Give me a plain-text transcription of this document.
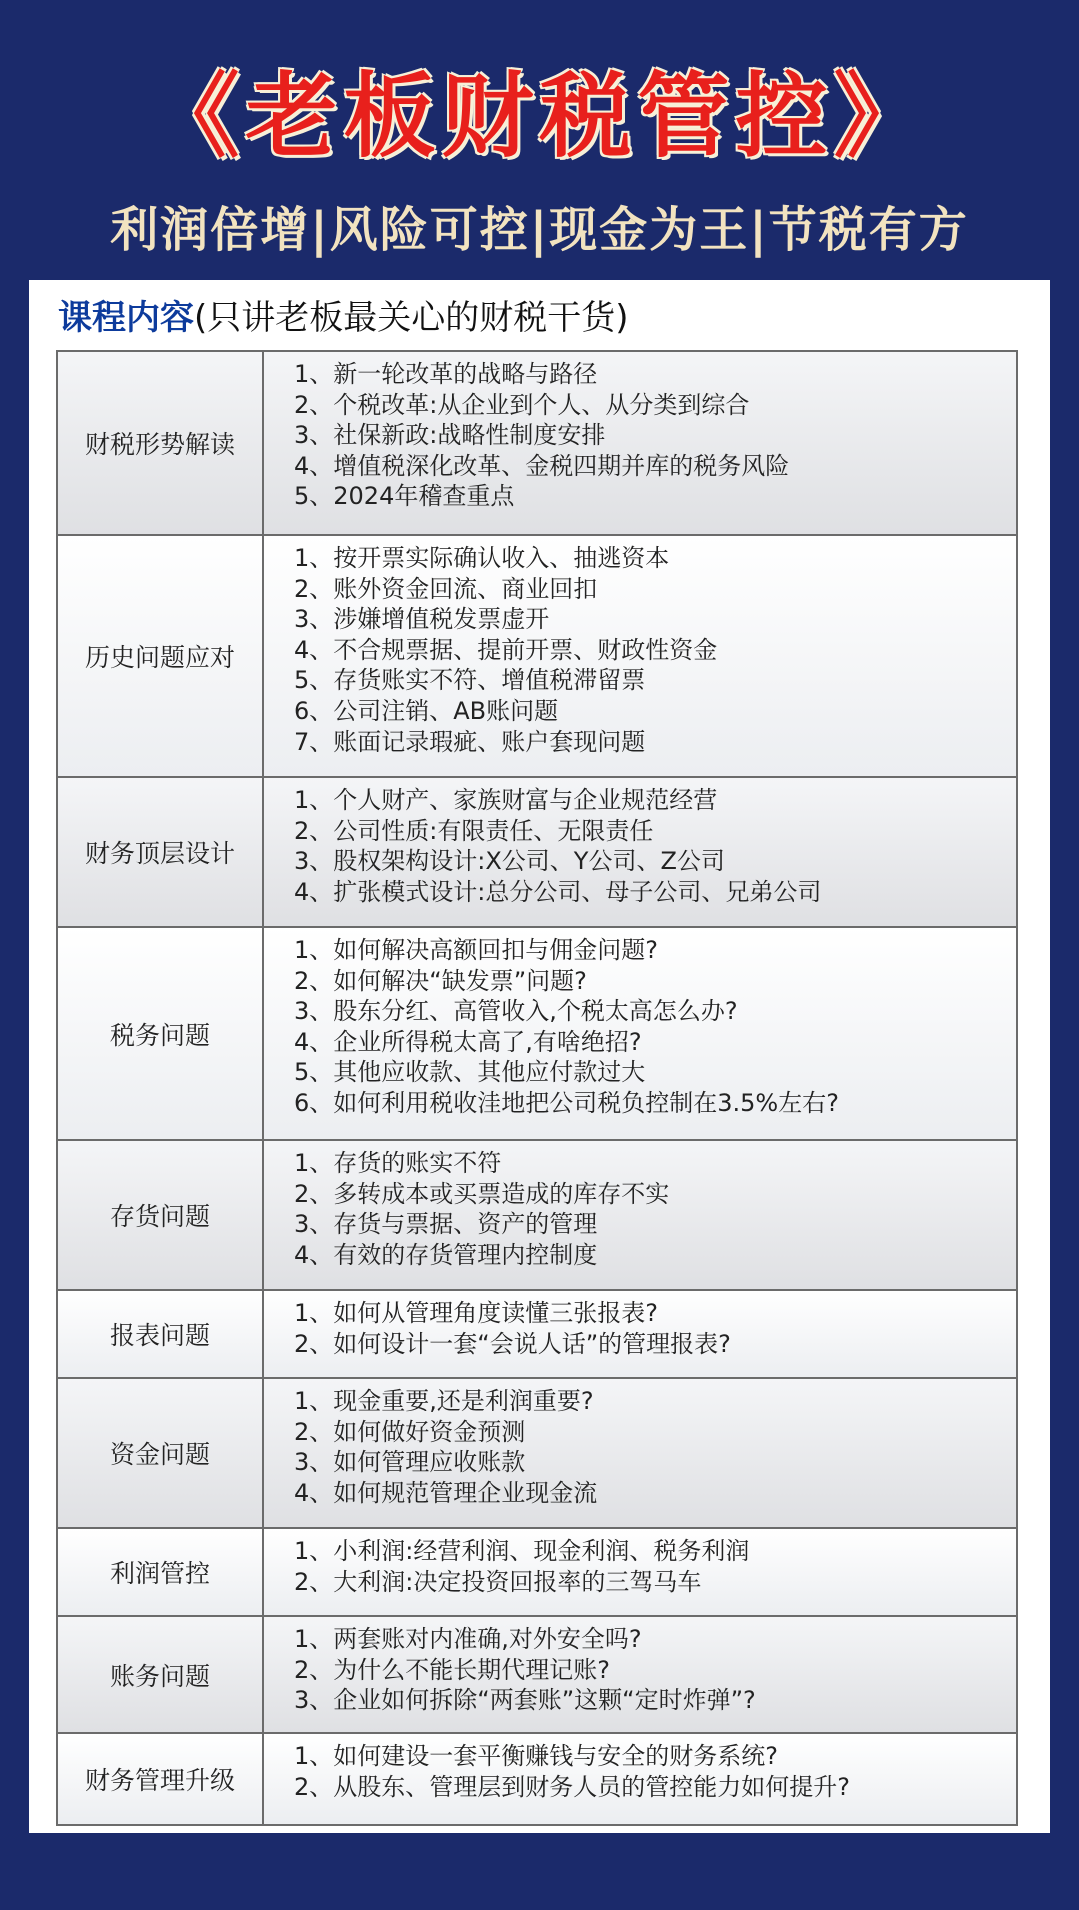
《老板财税管控》
利润倍增|风险可控|现金为王|节税有方
课程内容(只讲老板最关心的财税干货)
财税形势解读
1、新一轮改革的战略与路径
2、个税改革:从企业到个人、从分类到综合
3、社保新政:战略性制度安排
4、增值税深化改革、金税四期并库的税务风险
5、2024年稽查重点
历史问题应对
1、按开票实际确认收入、抽逃资本
2、账外资金回流、商业回扣
3、涉嫌增值税发票虚开
4、不合规票据、提前开票、财政性资金
5、存货账实不符、增值税滞留票
6、公司注销、AB账问题
7、账面记录瑕疵、账户套现问题
财务顶层设计
1、个人财产、家族财富与企业规范经营
2、公司性质:有限责任、无限责任
3、股权架构设计:X公司、Y公司、Z公司
4、扩张模式设计:总分公司、母子公司、兄弟公司
税务问题
1、如何解决高额回扣与佣金问题?
2、如何解决“缺发票”问题?
3、股东分红、高管收入,个税太高怎么办?
4、企业所得税太高了,有啥绝招?
5、其他应收款、其他应付款过大
6、如何利用税收洼地把公司税负控制在3.5%左右?
存货问题
1、存货的账实不符
2、多转成本或买票造成的库存不实
3、存货与票据、资产的管理
4、有效的存货管理内控制度
报表问题
1、如何从管理角度读懂三张报表?
2、如何设计一套“会说人话”的管理报表?
资金问题
1、现金重要,还是利润重要?
2、如何做好资金预测
3、如何管理应收账款
4、如何规范管理企业现金流
利润管控
1、小利润:经营利润、现金利润、税务利润
2、大利润:决定投资回报率的三驾马车
账务问题
1、两套账对内准确,对外安全吗?
2、为什么不能长期代理记账?
3、企业如何拆除“两套账”这颗“定时炸弹”?
财务管理升级
1、如何建设一套平衡赚钱与安全的财务系统?
2、从股东、管理层到财务人员的管控能力如何提升?
